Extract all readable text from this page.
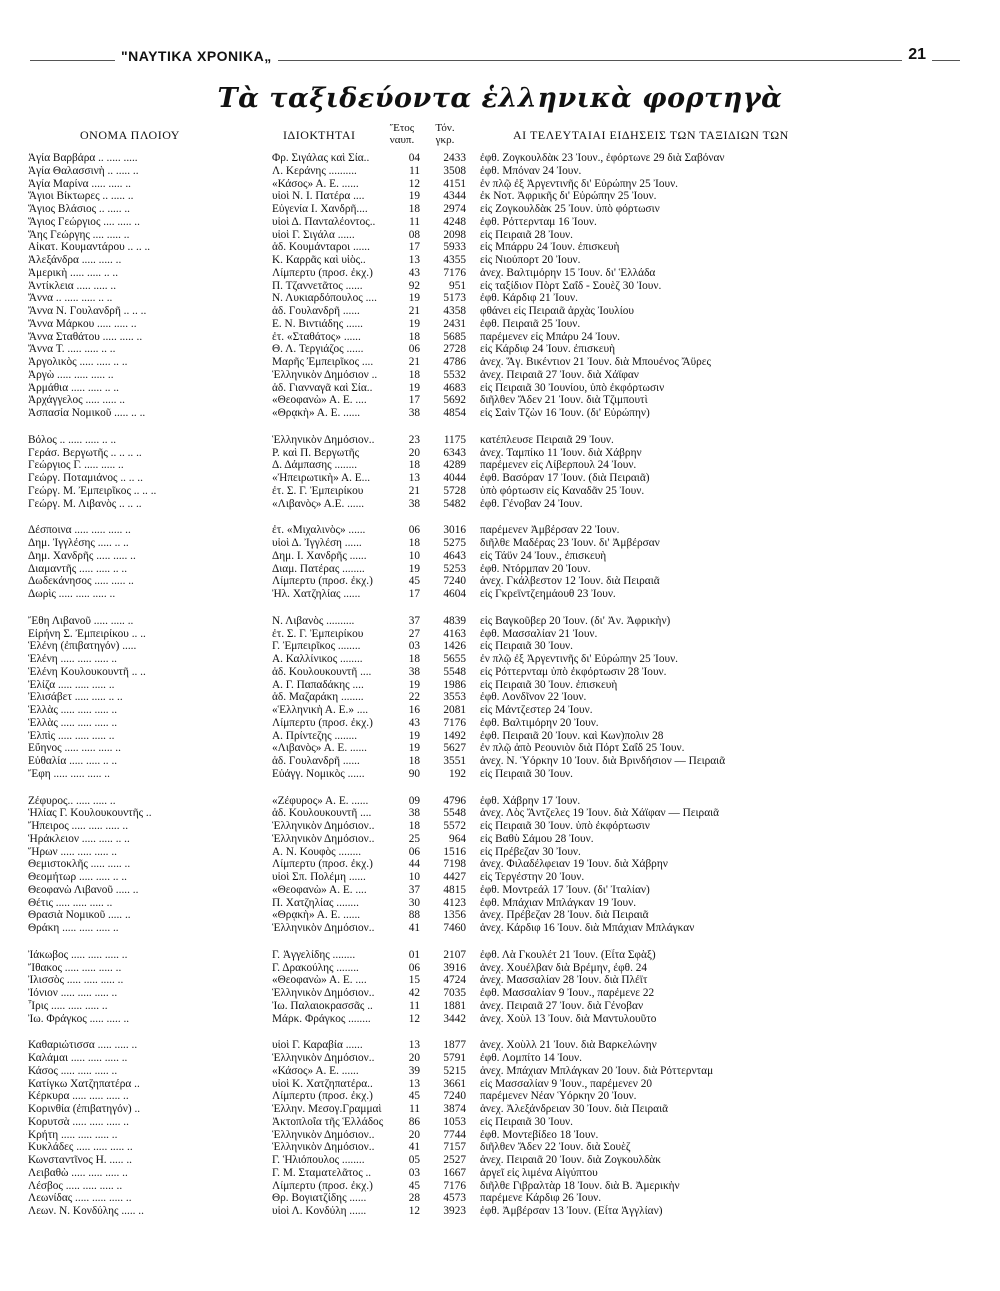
"ΝΑΥΤΙΚΑ ΧΡΟΝΙΚΑ„	21
Τὰ ταξιδεύοντα ἑλληνικὰ φορτηγὰ
ΟΝΟΜΑ ΠΛΟΙΟΥ	ΙΔΙΟΚΤΗΤΑΙ	Ἔτος
ναυπ.
Τόν.
γκρ.	ΑΙ ΤΕΛΕΥΤΑΙΑΙ ΕΙΔΗΣΕΙΣ ΤΩΝ ΤΑΞΙΔΙΩΝ ΤΩΝ
Ἁγία Βαρβάρα .. ..... .....	Φρ. Σιγάλας καὶ Σία..	04	2433 ἐφθ. Ζογκουλδὰκ 23 Ἰουν., ἐφόρτωνε 29 διὰ Σαβόναν
Ἁγία Θαλασσινὴ .. ..... ..	Λ. Κεράνης ..........	11	3508 ἐφθ. Μπόναν 24 Ἰουν.
Ἁγία Μαρίνα ..... ..... ..	«Κάσος» Α. Ε. ......	12	4151 ἐν πλῷ ἐξ Ἀργεντινῆς δι' Εὐρώπην 25 Ἰουν.
Ἅγιοι Βίκτωρες .. ..... ..	υἱοὶ Ν. Ι. Πατέρα ....	19	4344 ἐκ Νοτ. Ἀφρικῆς δι' Εὐρώπην 25 Ἰουν.
Ἅγιος Βλάσιος .. ..... ..	Εὐγενία Ι. Χανδρῆ....	18	2974 εἰς Ζογκουλδὰκ 25 Ἰουν. ὑπὸ φόρτωσιν
Ἅγιος Γεώργιος .... ..... ..	υἱοὶ Δ. Πανταλέοντος..	11	4248 ἐφθ. Ρόττερνταμ 16 Ἰουν.
Ἅης Γεώργης .... ..... ..	υἱοὶ Γ. Σιγάλα ......	08	2098 εἰς Πειραιᾶ 28 Ἰουν.
Αἰκατ. Κουμαντάρου .. .. ..	ἀδ. Κουμάνταροι ......	17	5933 εἰς Μπάρρυ 24 Ἰουν. ἐπισκευὴ
Ἀλεξάνδρα ..... ..... ..	Κ. Καρρᾶς καὶ υἱὸς..	13	4355 εἰς Νιούπορτ 20 Ἰουν.
Ἀμερικὴ ..... ..... .. ..	Λίμπερτυ (προσ. ἐκχ.)	43	7176 ἀνεχ. Βαλτιμόρην 15 Ἰουν. δι' Ἑλλάδα
Ἀντίκλεια ..... ..... ..	Π. Τζαννετᾶτος ......	92	951 εἰς ταξίδιον Πὸρτ Σαΐδ - Σουὲζ 30 Ἰουν.
Ἄννα .. ..... ..... .. ..	Ν. Λυκιαρδόπουλος ....	19	5173 ἐφθ. Κάρδιφ 21 Ἰουν.
Ἄννα Ν. Γουλανδρῆ .. .. ..	ἀδ. Γουλανδρῆ ......	21	4358 φθάνει εἰς Πειραιᾶ ἀρχὰς Ἰουλίου
Ἄννα Μάρκου ..... ..... ..	Ε. Ν. Βιντιάδης ......	19	2431 ἐφθ. Πειραιᾶ 25 Ἰουν.
Ἄννα Σταθάτου ..... ..... ..	ἐτ. «Σταθάτος» ......	18	5685 παρέμενεν εἰς Μπάρυ 24 Ἰουν.
Ἄννα Τ. ..... ..... .. ..	Θ. Λ. Τεργιάζος ......	06	2728 εἰς Κάρδιφ 24 Ἰουν. ἐπισκευὴ
Ἀργολικὸς ..... ..... .. ..	Μαρῆς Ἐμπειρῖκος ....	21	4786 ἀνεχ. Ἅγ. Βικέντιον 21 Ἰουν. διὰ Μπουένος Ἄϋρες
Ἀργὼ ..... ..... ..... ..	Ἑλληνικὸν Δημόσιον ..	18	5532 ἀνεχ. Πειραιᾶ 27 Ἰουν. διὰ Χάϊφαν
Ἀρμάθια ..... ..... .. ..	ἀδ. Γιανναγᾶ καὶ Σία..	19	4683 εἰς Πειραιᾶ 30 Ἰουνίου, ὑπὸ ἐκφόρτωσιν
Ἀρχάγγελος ..... ..... ..	«Θεοφανὼ» Α. Ε. ....	17	5692 διῆλθεν Ἄδεν 21 Ἰουν. διὰ Τζιμπουτὶ
Ἀσπασία Νομικοῦ ..... .. ..	«Θρᾳκὴ» Α. Ε. ......	38	4854 εἰς Σαὶν Τζὼν 16 Ἰουν. (δι' Εὐρώπην)
Βόλος .. ..... ..... .. ..	Ἑλληνικὸν Δημόσιον..	23	1175 κατέπλευσε Πειραιᾶ 29 Ἰουν.
Γεράσ. Βεργωτῆς .. .. .. ..	Ρ. καὶ Π. Βεργωτῆς	20	6343 ἀνεχ. Ταμπίκο 11 Ἰουν. διὰ Χάβρην
Γεώργιος Γ. ..... ..... ..	Δ. Δάμπασης ........	18	4289 παρέμενεν εἰς Λίβερπουλ 24 Ἰουν.
Γεώργ. Ποταμιάνος .. .. ..	«Ἠπειρωτικὴ» Α. Ε...	13	4044 ἐφθ. Βασόραν 17 Ἰουν. (διὰ Πειραιᾶ)
Γεώργ. Μ. Ἐμπειρῖκος .. .. ..	ἐτ. Σ. Γ. Ἐμπειρίκου	21	5728 ὑπὸ φόρτωσιν εἰς Καναδᾶν 25 Ἰουν.
Γεώργ. Μ. Λιβανὸς .. .. ..	«Λιβανὸς» Α.Ε. ......	38	5482 ἐφθ. Γένοβαν 24 Ἰουν.
Δέσποινα ..... ..... ..... ..	ἐτ. «Μιχαλινὸς» ......	06	3016 παρέμενεν Ἀμβέρσαν 22 Ἰουν.
Δημ. Ἰγγλέσης ..... .. ..	υἱοὶ Δ. Ἰγγλέση ......	18	5275 διῆλθε Μαδέρας 23 Ἰουν. δι' Ἀμβέρσαν
Δημ. Χανδρῆς ..... ..... ..	Δημ. Ι. Χανδρῆς ......	10	4643 εἰς Τάϋν 24 Ἰουν., ἐπισκευὴ
Διαμαντῆς ..... ..... .. ..	Διαμ. Πατέρας ........	19	5253 ἐφθ. Ντόρμπαν 20 Ἰουν.
Δωδεκάνησος ..... ..... ..	Λίμπερτυ (προσ. ἐκχ.)	45	7240 ἀνεχ. Γκάλβεστον 12 Ἰουν. διὰ Πειραιᾶ
Δωρὶς ..... ..... ..... ..	Ἠλ. Χατζηλίας ......	17	4604 εἰς Γκρεϊντζεημάουθ 23 Ἰουν.
Ἔθη Λιβανοῦ ..... ..... ..	Ν. Λιβανὸς ..........	37	4839 εἰς Βαγκοῦβερ 20 Ἰουν. (δι' Ἀν. Ἀφρικὴν)
Εἰρήνη Σ. Ἐμπειρίκου .. ..	ἐτ. Σ. Γ. Ἐμπειρίκου	27	4163 ἐφθ. Μασσαλίαν 21 Ἰουν.
Ἑλένη (ἐπιβατηγόν) .....	Γ. Ἐμπειρῖκος ........	03	1426 εἰς Πειραιᾶ 30 Ἰουν.
Ἑλένη ..... ..... ..... ..	Α. Καλλίνικος ........	18	5655 ἐν πλῷ ἐξ Ἀργεντινῆς δι' Εὐρώπην 25 Ἰουν.
Ἑλένη Κουλουκουντῆ .. ..	ἀδ. Κουλουκουντῆ ....	38	5548 εἰς Ρόττερνταμ ὑπὸ ἐκφόρτωσιν 28 Ἰουν.
Ἐλίζα ..... ..... ..... ..	Α. Γ. Παπαδάκης ....	19	1986 εἰς Πειραιᾶ 30 Ἰουν. ἐπισκευὴ
Ἐλισάβετ ..... ..... .. ..	ἀδ. Μαζαράκη ........	22	3553 ἐφθ. Λονδῖνον 22 Ἰουν.
Ἑλλὰς ..... ..... ..... ..	«Ἑλληνικὴ Α. Ε.» ....	16	2081 εἰς Μάντζεστερ 24 Ἰουν.
Ἑλλὰς ..... ..... ..... ..	Λίμπερτυ (προσ. ἐκχ.)	43	7176 ἐφθ. Βαλτιμόρην 20 Ἰουν.
Ἐλπὶς ..... ..... ..... ..	Α. Πρίντεζης ........	19	1492 ἐφθ. Πειραιᾶ 20 Ἰουν. καὶ Κων)πολιν 28
Εὔηνος ..... ..... ..... ..	«Λιβανὸς» Α. Ε. ......	19	5627 ἐν πλῷ ἀπὸ Ρεουνιὸν διὰ Πόρτ Σαΐδ 25 Ἰουν.
Εὐθαλία ..... ..... .. ..	ἀδ. Γουλανδρῆ ......	18	3551 ἀνεχ. Ν. Ὑόρκην 10 Ἰουν. διὰ Βρινδήσιον — Πειραιᾶ
Ἔφη ..... ..... ..... ..	Εὐάγγ. Νομικὸς ......	90	192 εἰς Πειραιᾶ 30 Ἰουν.
Ζέφυρος.. ..... ..... ..	«Ζέφυρος» Α. Ε. ......	09	4796 ἐφθ. Χάβρην 17 Ἰουν.
Ἡλίας Γ. Κουλουκουντῆς ..	ἀδ. Κουλουκουντῆ ....	38	5548 ἀνεχ. Λὸς Ἄντζελες 19 Ἰουν. διὰ Χάϊφαν — Πειραιᾶ
Ἤπειρος ..... ..... ..... ..	Ἑλληνικὸν Δημόσιον..	18	5572 εἰς Πειραιᾶ 30 Ἰουν. ὑπὸ ἐκφόρτωσιν
Ἡράκλειον ..... ..... .. ..	Ἑλληνικὸν Δημόσιον..	25	964 εἰς Βαθὺ Σάμου 28 Ἰουν.
Ἥρων ..... ..... ..... ..	Α. Ν. Κουφὸς ........	06	1516 εἰς Πρέβεζαν 30 Ἰουν.
Θεμιστοκλῆς ..... ..... ..	Λίμπερτυ (προσ. ἐκχ.)	44	7198 ἀνεχ. Φιλαδέλφειαν 19 Ἰουν. διὰ Χάβρην
Θεομήτωρ ..... ..... .. ..	υἱοὶ Σπ. Πολέμη ......	10	4427 εἰς Τεργέστην 20 Ἰουν.
Θεοφανὼ Λιβανοῦ ..... ..	«Θεοφανὼ» Α. Ε. ....	37	4815 ἐφθ. Μοντρεάλ 17 Ἰουν. (δι' Ἰταλίαν)
Θέτις ..... ..... ..... ..	Π. Χατζηλίας ........	30	4123 ἐφθ. Μπάχιαν Μπλάγκαν 19 Ἰουν.
Θρασιὰ Νομικοῦ ..... ..	«Θρᾳκὴ» Α. Ε. ......	88	1356 ἀνεχ. Πρέβεζαν 28 Ἰουν. διὰ Πειραιᾶ
Θράκη ..... ..... ..... ..	Ἑλληνικὸν Δημόσιον..	41	7460 ἀνεχ. Κάρδιφ 16 Ἰουν. διὰ Μπάχιαν Μπλάγκαν
Ἰάκωβος ..... ..... ..... ..	Γ. Ἀγγελίδης ........	01	2107 ἐφθ. Λὰ Γκουλέτ 21 Ἰουν. (Εἶτα Σφὰξ)
Ἴθακος ..... ..... ..... ..	Γ. Δρακούλης ........	06	3916 ἀνεχ. Χουέλβαν διὰ Βρέμην, ἐφθ. 24
Ἰλισσὸς ..... ..... ..... ..	«Θεοφανὼ» Α. Ε. ....	15	4724 ἀνεχ. Μασσαλίαν 28 Ἰουν. διὰ Πλέϊτ
Ἰόνιον ..... ..... ..... ..	Ἑλληνικὸν Δημόσιον..	42	7035 ἐφθ. Μασσαλίαν 9 Ἰουν., παρέμενε 22
Ἶρις ..... ..... ..... ..	Ἰω. Παλαιοκρασσᾶς ..	11	1881 ἀνεχ. Πειραιᾶ 27 Ἰουν. διὰ Γένοβαν
Ἰω. Φράγκος ..... ..... ..	Μάρκ. Φράγκος ........	12	3442 ἀνεχ. Χοὺλ 13 Ἰουν. διὰ Μαντυλουῦτο
Καθαριώτισσα ..... ..... ..	υἱοὶ Γ. Καραβία ......	13	1877 ἀνεχ. Χοὺλλ 21 Ἰουν. διὰ Βαρκελώνην
Καλάμαι ..... ..... ..... ..	Ἑλληνικὸν Δημόσιον..	20	5791 ἐφθ. Λομπίτο 14 Ἰουν.
Κάσος ..... ..... ..... ..	«Κάσος» Α. Ε. ......	39	5215 ἀνεχ. Μπάχιαν Μπλάγκαν 20 Ἰουν. διὰ Ρόττερνταμ
Κατίγκω Χατζηπατέρα ..	υἱοὶ Κ. Χατζηπατέρα..	13	3661 εἰς Μασσαλίαν 9 Ἰουν., παρέμενεν 20
Κέρκυρα ..... ..... ..... ..	Λίμπερτυ (προσ. ἐκχ.)	45	7240 παρέμενεν Νέαν Ὑόρκην 20 Ἰουν.
Κορινθία (ἐπιβατηγόν) ..	Ἑλλην. Μεσογ.Γραμμαὶ	11	3874 ἀνεχ. Ἀλεξάνδρειαν 30 Ἰουν. διὰ Πειραιᾶ
Κορυτσὰ ..... ..... ..... ..	Ἀκτοπλοΐα τῆς Ἑλλάδος	86	1053 εἰς Πειραιᾶ 30 Ἰουν.
Κρήτη ..... ..... ..... ..	Ἑλληνικὸν Δημόσιον..	20	7744 ἐφθ. Μοντεβίδεο 18 Ἰουν.
Κυκλάδες ..... ..... ..... ..	Ἑλληνικὸν Δημόσιον..	41	7157 διῆλθεν Ἄδεν 22 Ἰουν. διὰ Σουὲζ
Κωνσταντῖνος Η. ..... ..	Γ. Ἡλιόπουλος ........	05	2527 ἀνεχ. Πειραιᾶ 20 Ἰουν. διὰ Ζογκουλδὰκ
Λειβαθὼ ..... ..... ..... ..	Γ. Μ. Σταματελᾶτος ..	03	1667 ἀργεῖ εἰς λιμένα Αἰγύπτου
Λέσβος ..... ..... ..... ..	Λίμπερτυ (προσ. ἐκχ.)	45	7176 διῆλθε Γιβραλτὰρ 18 Ἰουν. διὰ Β. Ἀμερικὴν
Λεωνίδας ..... ..... ..... ..	Θρ. Βογιατζίδης ......	28	4573 παρέμενε Κάρδιφ 26 Ἰουν.
Λεων. Ν. Κονδύλης ..... ..	υἱοὶ Λ. Κονδύλη ......	12	3923 ἐφθ. Ἀμβέρσαν 13 Ἰουν. (Εἶτα Ἀγγλίαν)
